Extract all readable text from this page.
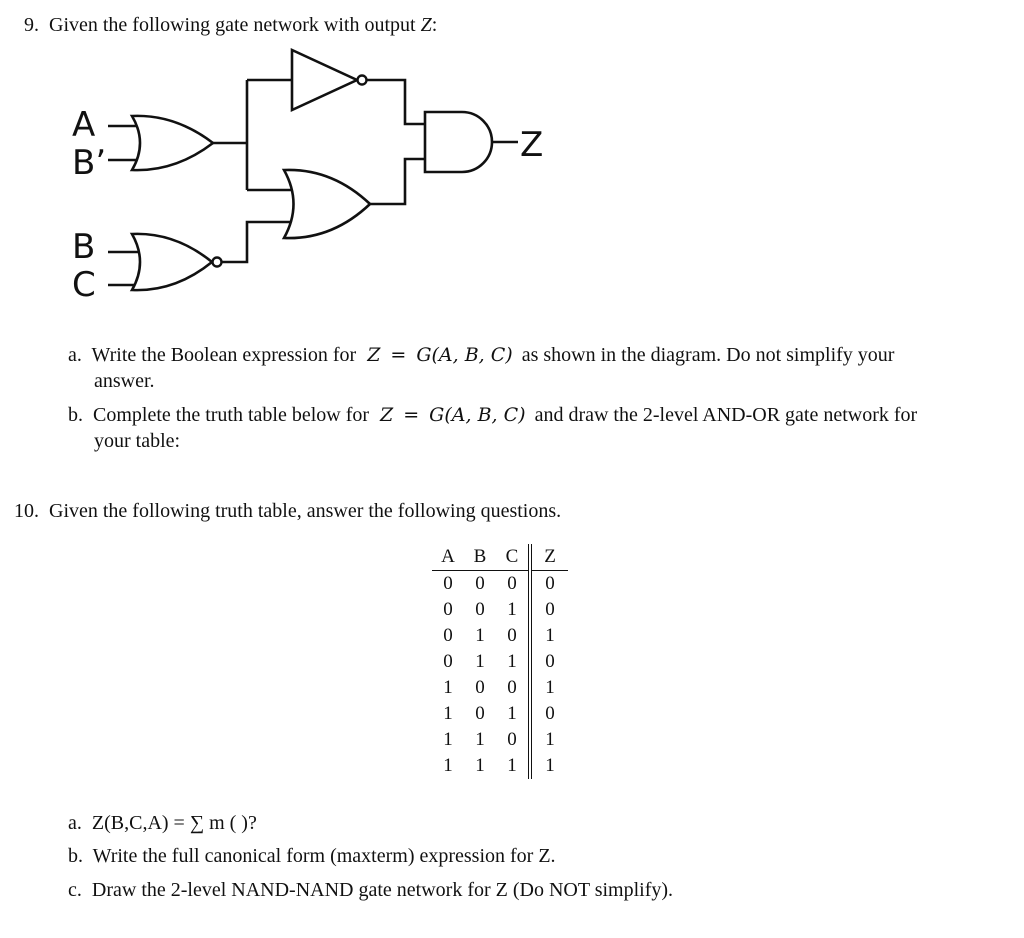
9. Given the following gate network with output Z:
A
B’
B
C
Z
a. Write the Boolean expression for Z = G(A, B, C) as shown in the diagram. Do not simplify your
answer.
b. Complete the truth table below for Z = G(A, B, C) and draw the 2-level AND-OR gate network for
your table:
10. Given the following truth table, answer the following questions.
A	B	C	Z
0	0	0	0
0	0	1	0
0	1	0	1
0	1	1	0
1	0	0	1
1	0	1	0
1	1	0	1
1	1	1	1
a. Z(B,C,A) = ∑ m ( )?
b. Write the full canonical form (maxterm) expression for Z.
c. Draw the 2-level NAND-NAND gate network for Z (Do NOT simplify).
